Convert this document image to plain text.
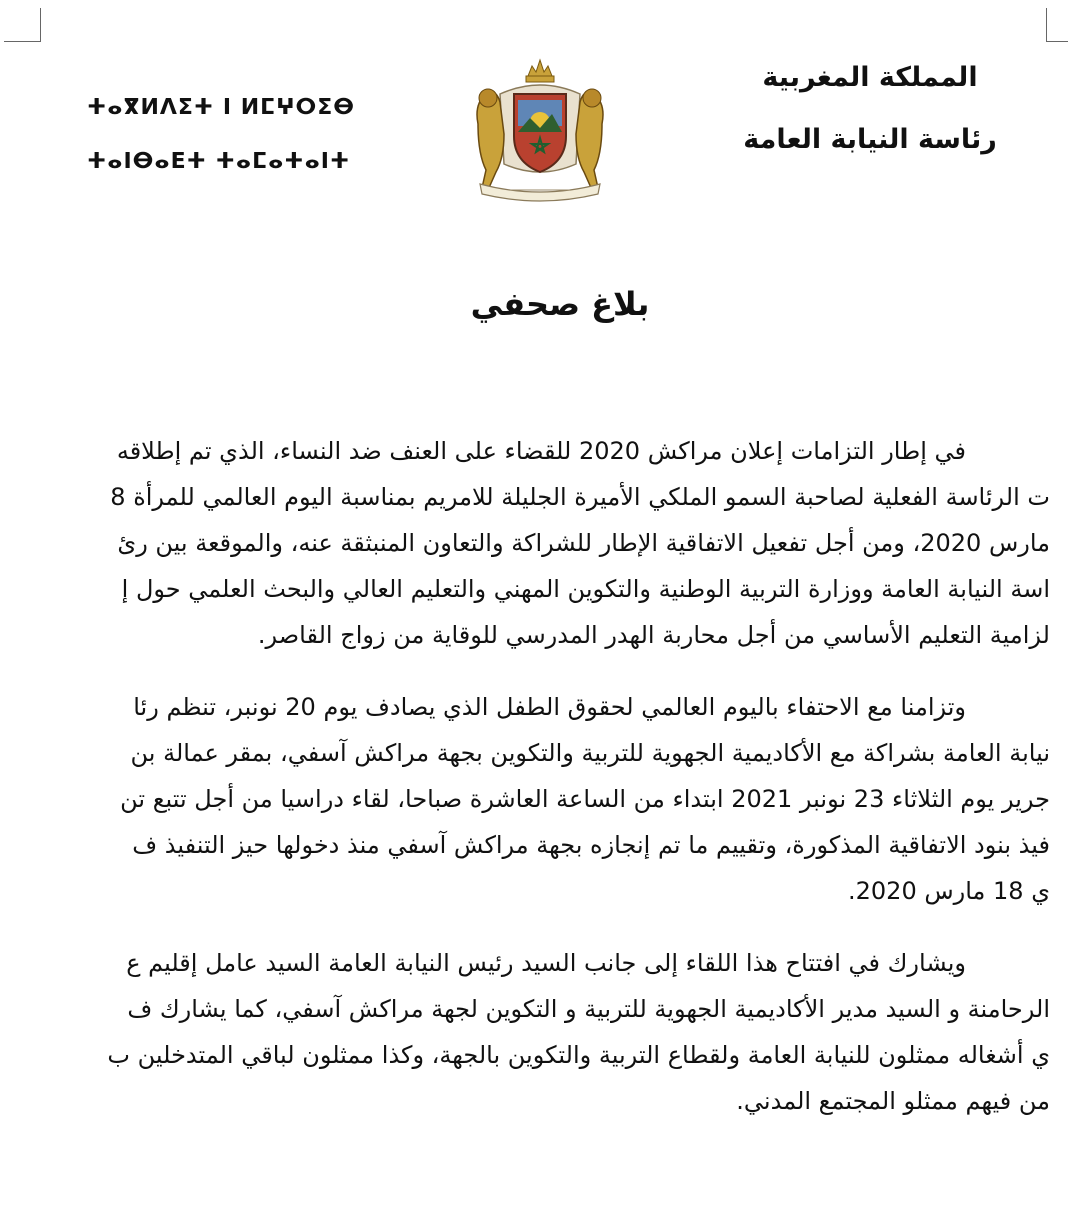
المملكة المغربية
رئاسة النيابة العامة
ⵜⴰⴳⵍⴷⵉⵜ ⵏ ⵍⵎⵖⵔⵉⴱ
ⵜⴰⵏⴱⴰⴹⵜ ⵜⴰⵎⴰⵜⴰⵏⵜ
بلاغ صحفي
في إطار التزامات إعلان مراكش 2020 للقضاء على العنف ضد النساء، الذي تم إطلاقه
ت الرئاسة الفعلية لصاحبة السمو الملكي الأميرة الجليلة للامريم بمناسبة اليوم العالمي للمرأة 8
مارس 2020، ومن أجل تفعيل الاتفاقية الإطار للشراكة والتعاون المنبثقة عنه، والموقعة بين رئ
اسة النيابة العامة ووزارة التربية الوطنية والتكوين المهني والتعليم العالي والبحث العلمي حول إ
لزامية التعليم الأساسي من أجل محاربة الهدر المدرسي للوقاية من زواج القاصر.
وتزامنا مع الاحتفاء باليوم العالمي لحقوق الطفل الذي يصادف يوم 20 نونبر، تنظم رئا
نيابة العامة بشراكة مع الأكاديمية الجهوية للتربية والتكوين بجهة مراكش آسفي، بمقر عمالة بن
جرير يوم الثلاثاء 23 نونبر 2021 ابتداء من الساعة العاشرة صباحا، لقاء دراسيا من أجل تتبع تن
فيذ بنود الاتفاقية المذكورة، وتقييم ما تم إنجازه بجهة مراكش آسفي منذ دخولها حيز التنفيذ ف
ي 18 مارس 2020.
ويشارك في افتتاح هذا اللقاء إلى جانب السيد رئيس النيابة العامة السيد عامل إقليم ع
الرحامنة و السيد مدير الأكاديمية الجهوية للتربية و التكوين لجهة مراكش آسفي، كما يشارك ف
ي أشغاله ممثلون للنيابة العامة ولقطاع التربية والتكوين بالجهة، وكذا ممثلون لباقي المتدخلين ب
من فيهم ممثلو المجتمع المدني.
